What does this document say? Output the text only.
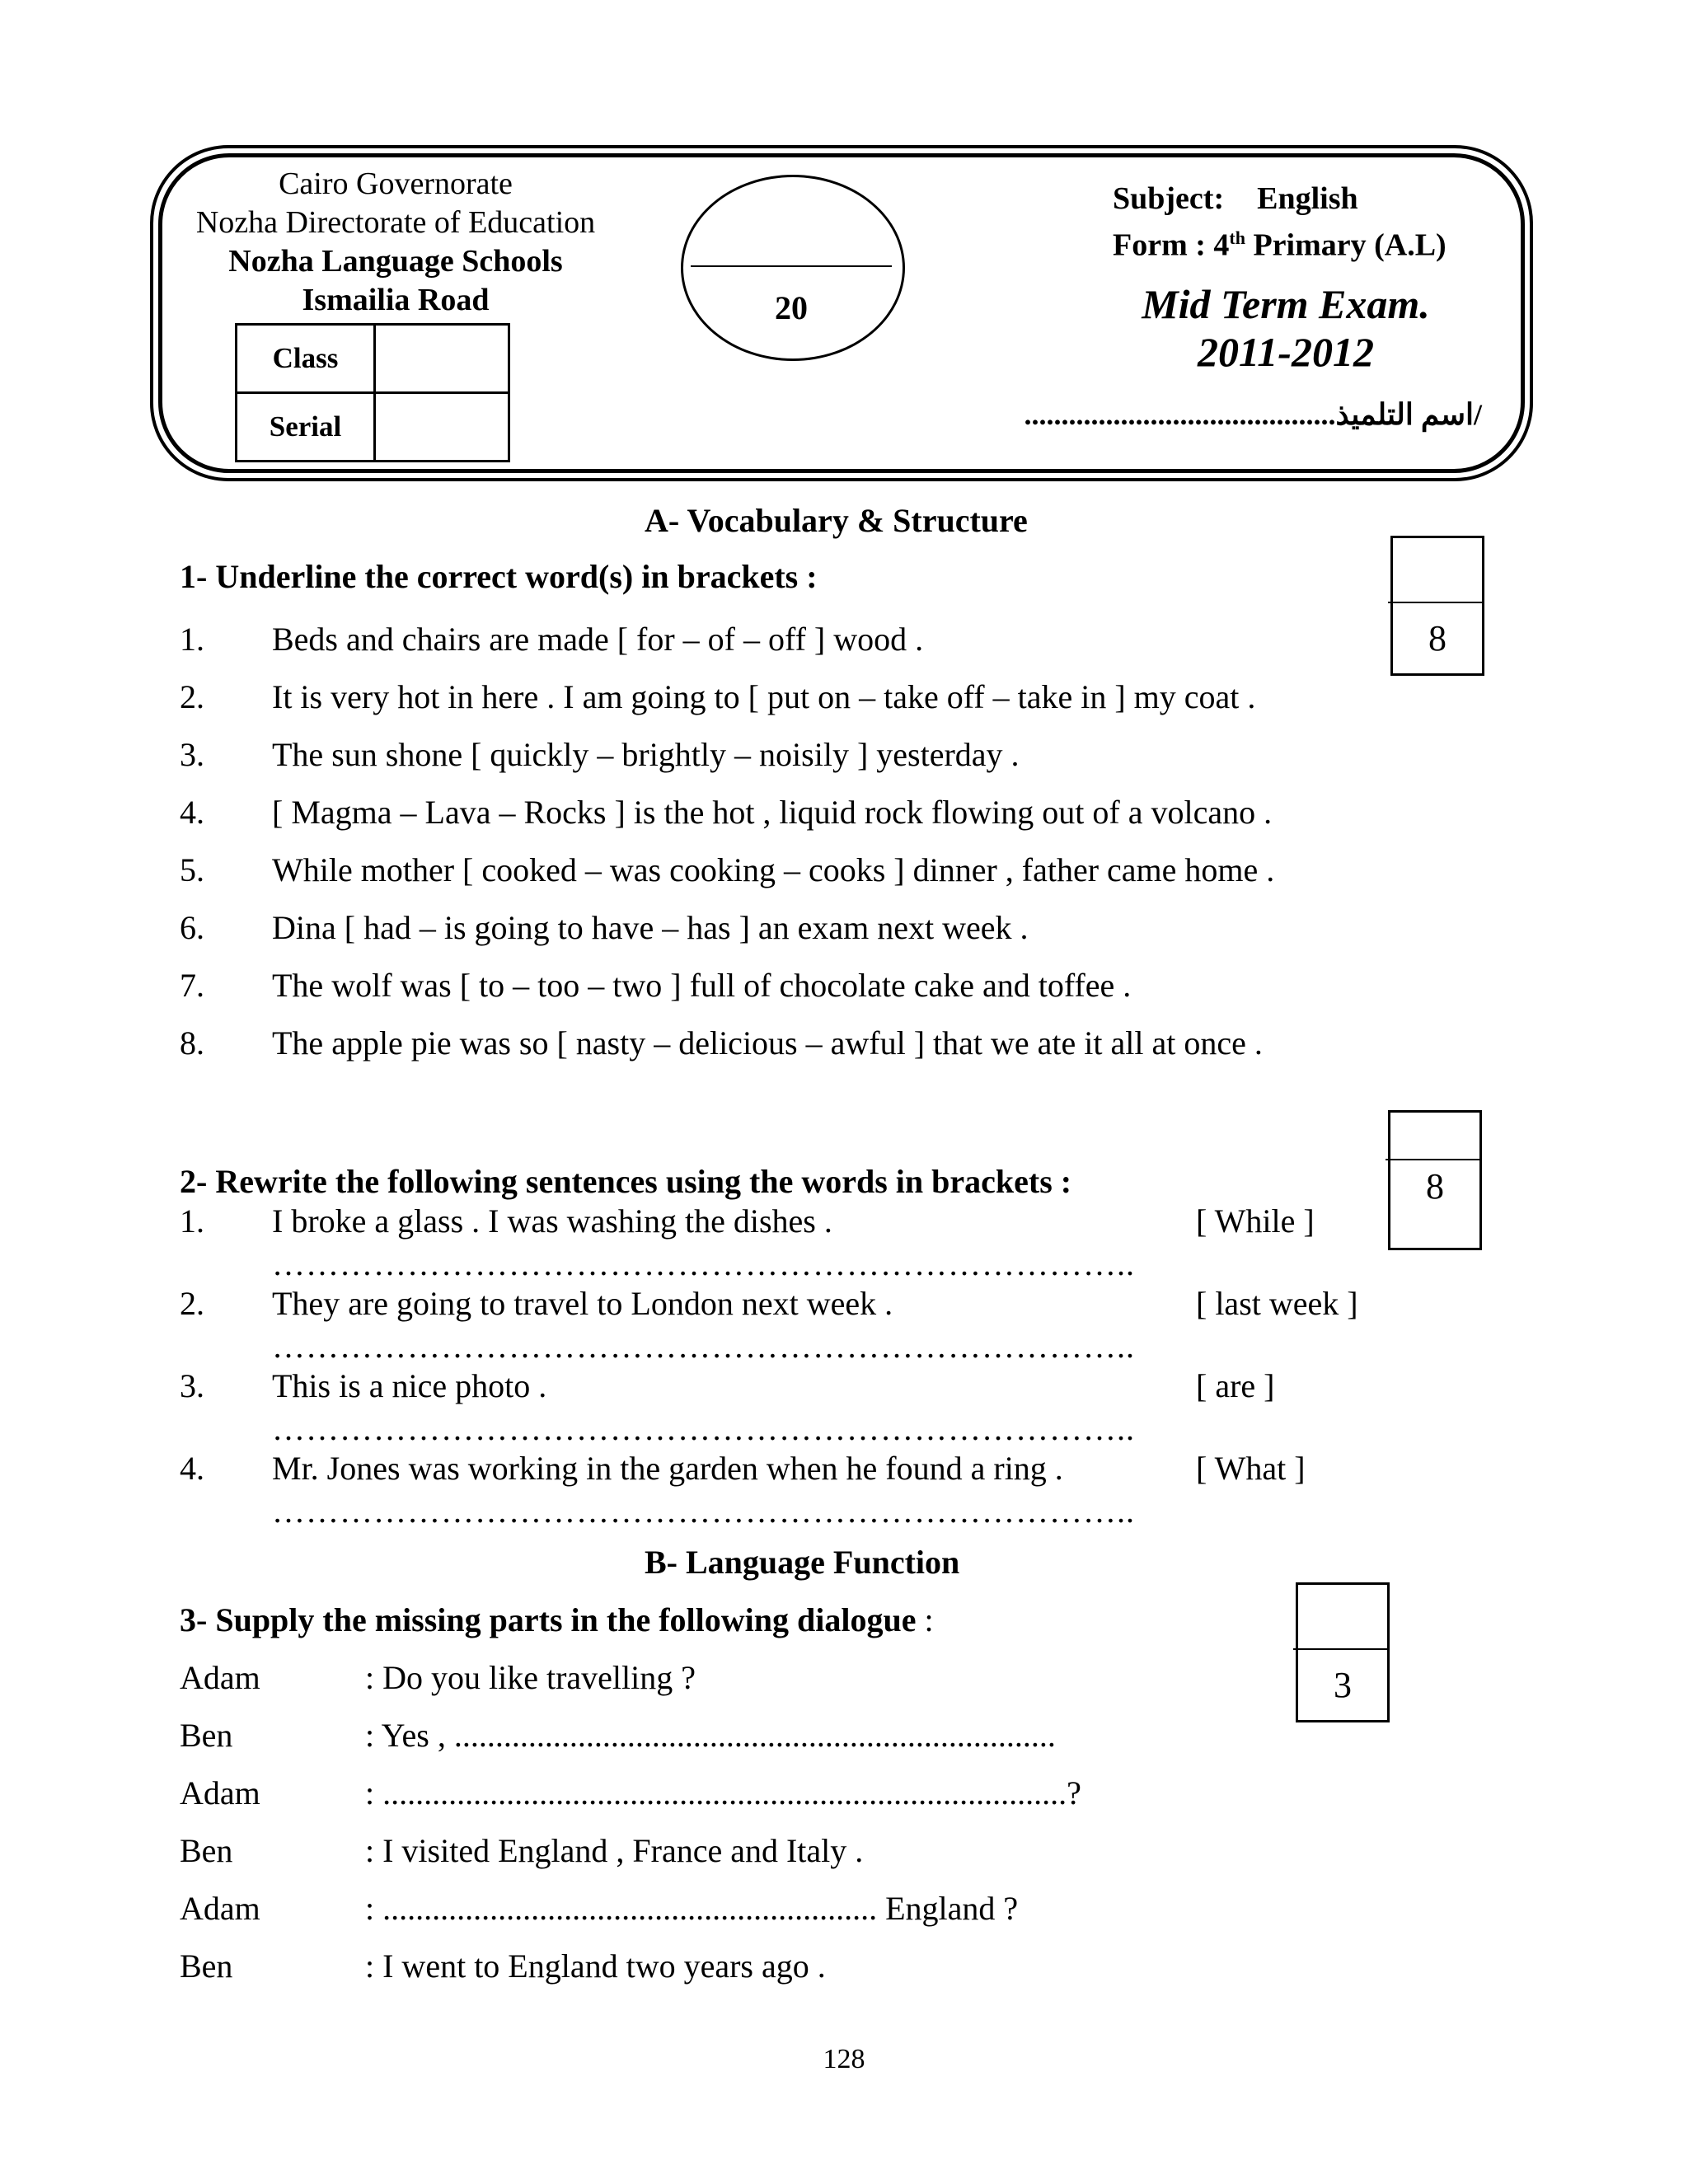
Cairo Governorate
Nozha Directorate of Education
Nozha Language Schools
Ismailia Road
Class	
Serial	
20
Subject: English
Form : 4th Primary (A.L)
Mid Term Exam.
2011-2012
..........................................اسم التلميذ/
A- Vocabulary & Structure
1- Underline the correct word(s) in brackets :
8
1. Beds and chairs are made [ for – of – off ] wood .
2. It is very hot in here . I am going to [ put on – take off – take in ] my coat .
3. The sun shone [ quickly – brightly – noisily ] yesterday .
4. [ Magma – Lava – Rocks ] is the hot , liquid rock flowing out of a volcano .
5. While mother [ cooked – was cooking – cooks ] dinner , father came home .
6. Dina [ had – is going to have – has ] an exam next week .
7. The wolf was [ to – too – two ] full of chocolate cake and toffee .
8. The apple pie was so [ nasty – delicious – awful ] that we ate it all at once .
2- Rewrite the following sentences using the words in brackets :	8
1. I broke a glass . I was washing the dishes .	[ While ]
…………………………………………………………………..
2. They are going to travel to London next week .	[ last week ]
…………………………………………………………………..
3. This is a nice photo .	[ are ]
…………………………………………………………………..
4. Mr. Jones was working in the garden when he found a ring .	[ What ]
…………………………………………………………………..
B- Language Function
3- Supply the missing parts in the following dialogue :
3
Adam	: Do you like travelling ?
Ben	: Yes , .........................................................................
Adam	: ...................................................................................?
Ben	: I visited England , France and Italy .
Adam	: ............................................................ England ?
Ben	: I went to England two years ago .
128
